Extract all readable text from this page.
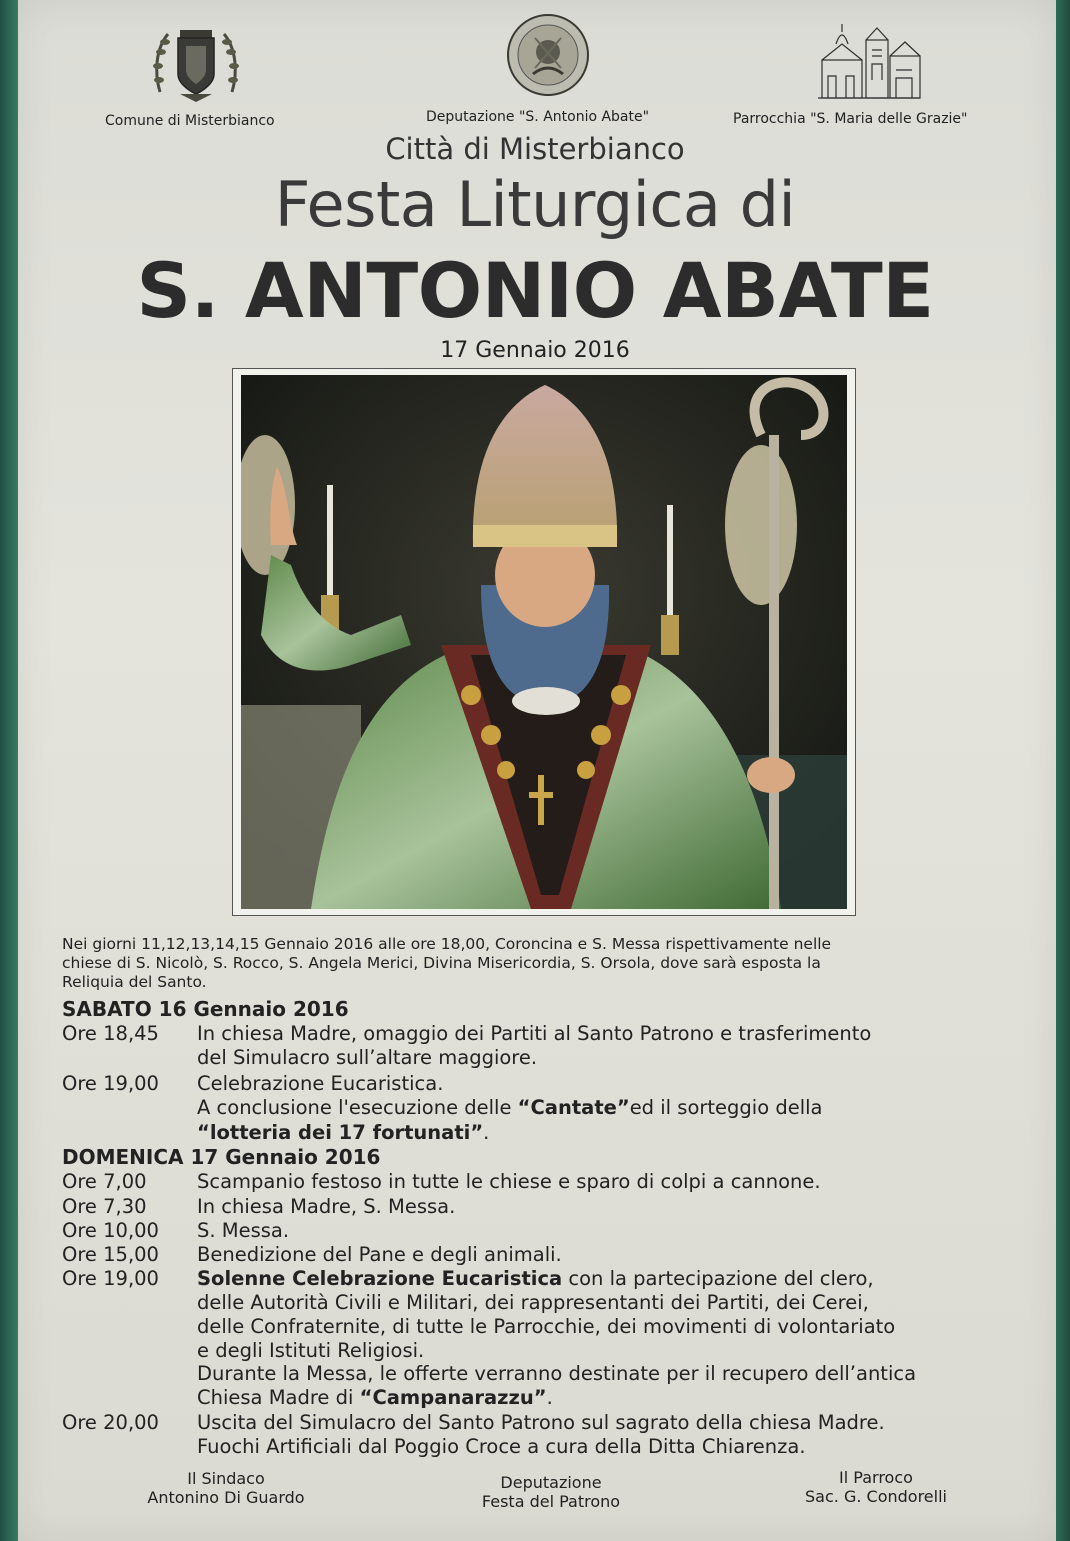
Comune di Misterbianco	Deputazione "S. Antonio Abate"	Parrocchia "S. Maria delle Grazie"
Città di Misterbianco
Festa Liturgica di
S. ANTONIO ABATE
17 Gennaio 2016
Nei giorni 11,12,13,14,15 Gennaio 2016 alle ore 18,00, Coroncina e S. Messa rispettivamente nelle
chiese di S. Nicolò, S. Rocco, S. Angela Merici, Divina Misericordia, S. Orsola, dove sarà esposta la
Reliquia del Santo.
SABATO 16 Gennaio 2016
Ore 18,45 In chiesa Madre, omaggio dei Partiti al Santo Patrono e trasferimento
del Simulacro sull’altare maggiore.
Ore 19,00 Celebrazione Eucaristica.
A conclusione l'esecuzione delle “Cantate”ed il sorteggio della
“lotteria dei 17 fortunati”.
DOMENICA 17 Gennaio 2016
Ore 7,00	Scampanio festoso in tutte le chiese e sparo di colpi a cannone.
Ore 7,30	In chiesa Madre, S. Messa.
Ore 10,00 S. Messa.
Ore 15,00 Benedizione del Pane e degli animali.
Ore 19,00 Solenne Celebrazione Eucaristica con la partecipazione del clero,
delle Autorità Civili e Militari, dei rappresentanti dei Partiti, dei Cerei,
delle Confraternite, di tutte le Parrocchie, dei movimenti di volontariato
e degli Istituti Religiosi.
Durante la Messa, le offerte verranno destinate per il recupero dell’antica
Chiesa Madre di “Campanarazzu”.
Ore 20,00 Uscita del Simulacro del Santo Patrono sul sagrato della chiesa Madre.
Fuochi Artificiali dal Poggio Croce a cura della Ditta Chiarenza.
Il Sindaco
Antonino Di Guardo
Deputazione
Festa del Patrono
Il Parroco
Sac. G. Condorelli
